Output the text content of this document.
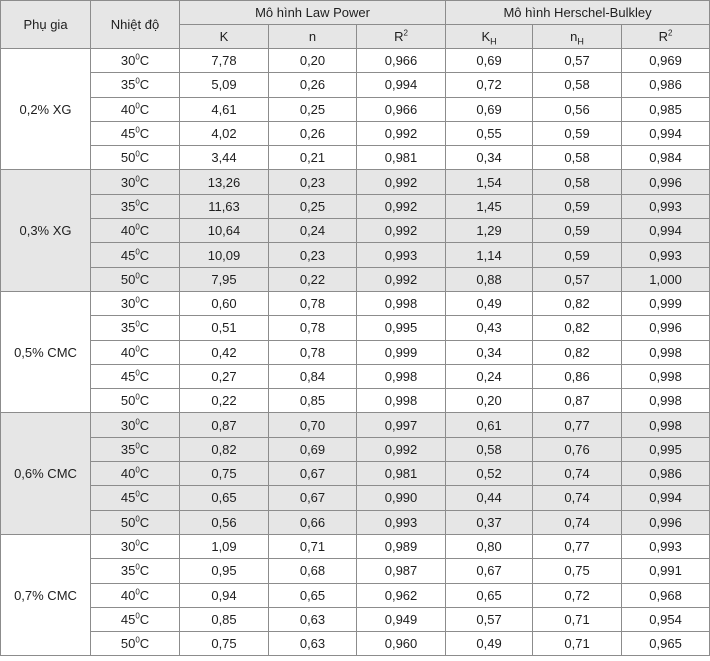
Phụ gia	Nhiệt độ	Mô hình Law Power			Mô hình Herschel-Bulkley		
		K	n	$R^2$	$K_H$	$n_H$	$R^2$
0,2% XG	$30^0C$	7,78	0,20	0,966	0,69	0,57	0,969
	$35^0C$	5,09	0,26	0,994	0,72	0,58	0,986
	$40^0C$	4,61	0,25	0,966	0,69	0,56	0,985
	$45^0C$	4,02	0,26	0,992	0,55	0,59	0,994
	$50^0C$	3,44	0,21	0,981	0,34	0,58	0,984
0,3% XG	$30^0C$	13,26	0,23	0,992	1,54	0,58	0,996
	$35^0C$	11,63	0,25	0,992	1,45	0,59	0,993
	$40^0C$	10,64	0,24	0,992	1,29	0,59	0,994
	$45^0C$	10,09	0,23	0,993	1,14	0,59	0,993
	$50^0C$	7,95	0,22	0,992	0,88	0,57	1,000
0,5% CMC	$30^0C$	0,60	0,78	0,998	0,49	0,82	0,999
	$35^0C$	0,51	0,78	0,995	0,43	0,82	0,996
	$40^0C$	0,42	0,78	0,999	0,34	0,82	0,998
	$45^0C$	0,27	0,84	0,998	0,24	0,86	0,998
	$50^0C$	0,22	0,85	0,998	0,20	0,87	0,998
0,6% CMC	$30^0C$	0,87	0,70	0,997	0,61	0,77	0,998
	$35^0C$	0,82	0,69	0,992	0,58	0,76	0,995
	$40^0C$	0,75	0,67	0,981	0,52	0,74	0,986
	$45^0C$	0,65	0,67	0,990	0,44	0,74	0,994
	$50^0C$	0,56	0,66	0,993	0,37	0,74	0,996
0,7% CMC	$30^0C$	1,09	0,71	0,989	0,80	0,77	0,993
	$35^0C$	0,95	0,68	0,987	0,67	0,75	0,991
	$40^0C$	0,94	0,65	0,962	0,65	0,72	0,968
	$45^0C$	0,85	0,63	0,949	0,57	0,71	0,954
	$50^0C$	0,75	0,63	0,960	0,49	0,71	0,965
